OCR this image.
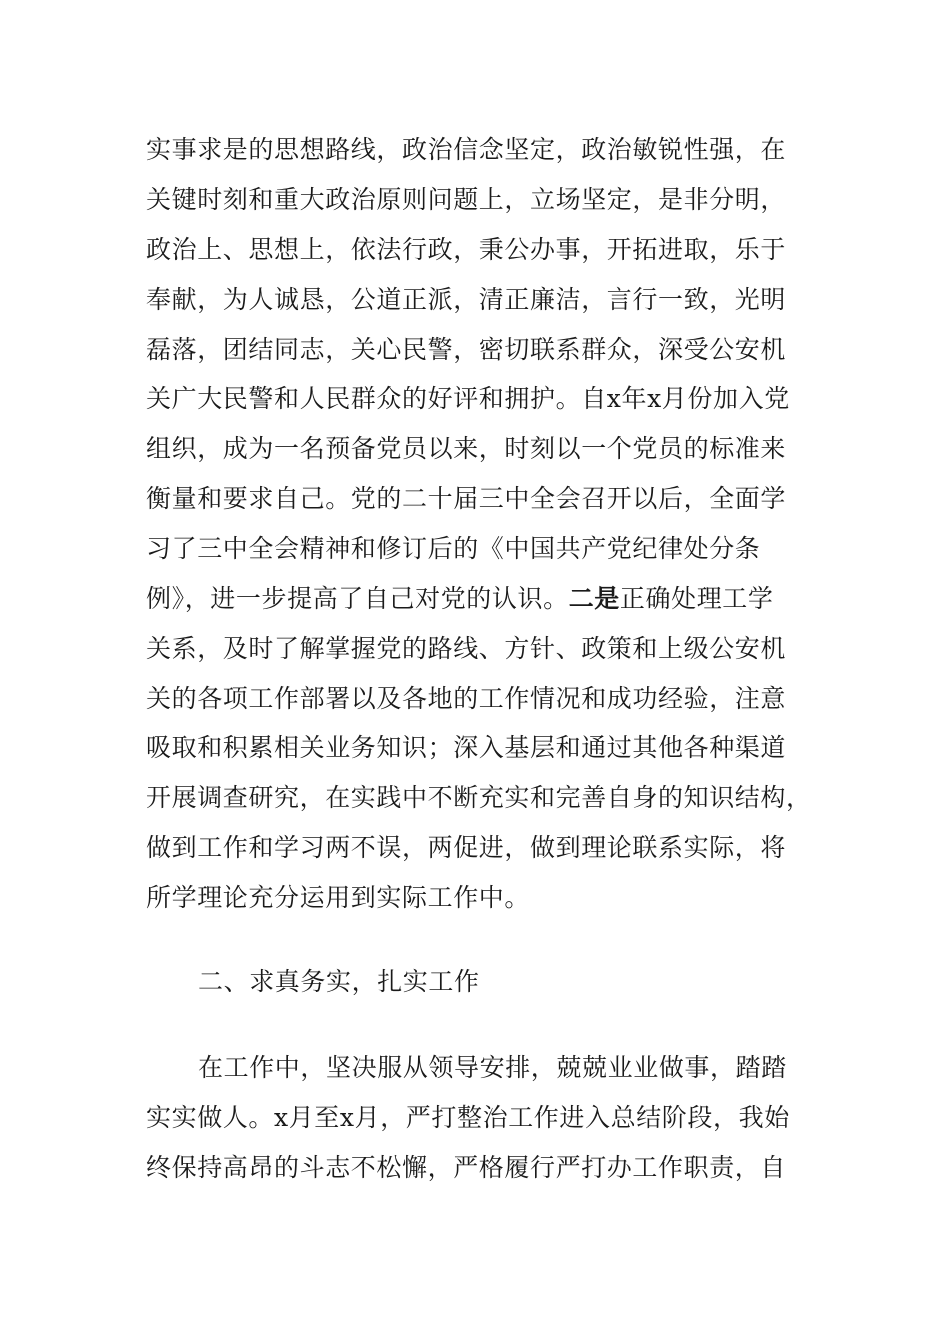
实事求是的思想路线，政治信念坚定，政治敏锐性强，在
关键时刻和重大政治原则问题上，立场坚定，是非分明，
政治上、思想上，依法行政，秉公办事，开拓进取，乐于
奉献，为人诚恳，公道正派，清正廉洁，言行一致，光明
磊落，团结同志，关心民警，密切联系群众，深受公安机
关广大民警和人民群众的好评和拥护。自x年x月份加入党
组织，成为一名预备党员以来，时刻以一个党员的标准来
衡量和要求自己。党的二十届三中全会召开以后，全面学
习了三中全会精神和修订后的《中国共产党纪律处分条
例》，进一步提高了自己对党的认识。二是正确处理工学
关系，及时了解掌握党的路线、方针、政策和上级公安机
关的各项工作部署以及各地的工作情况和成功经验，注意
吸取和积累相关业务知识；深入基层和通过其他各种渠道
开展调查研究，在实践中不断充实和完善自身的知识结构，
做到工作和学习两不误，两促进，做到理论联系实际，将
所学理论充分运用到实际工作中。
二、求真务实，扎实工作
在工作中，坚决服从领导安排，兢兢业业做事，踏踏
实实做人。x月至x月，严打整治工作进入总结阶段，我始
终保持高昂的斗志不松懈，严格履行严打办工作职责，自
